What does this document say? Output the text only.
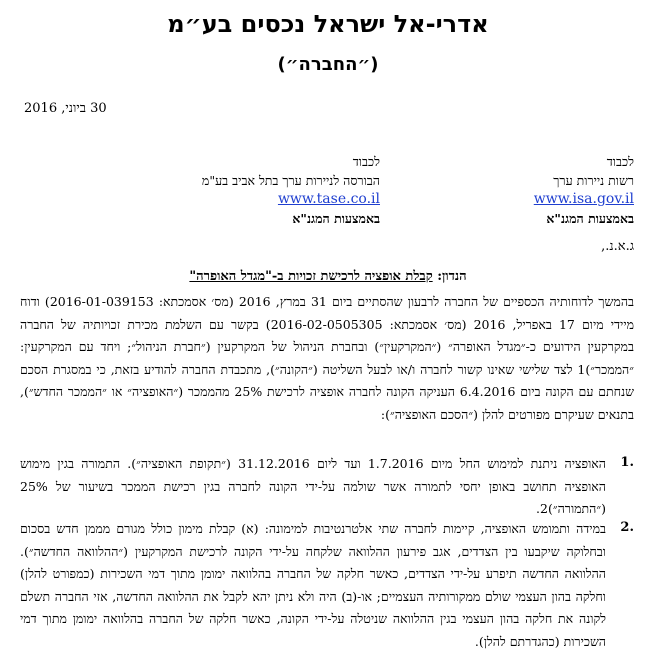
אדרי-אל ישראל נכסים בע״מ
(״החברה״)
30 ביוני, 2016
לכבוד
רשות ניירות ערך
www.isa.gov.il
באמצעות המגנ"א
לכבוד
הבורסה לניירות ערך בתל אביב בע"מ
www.tase.co.il
באמצעות המגנ"א
ג.א.נ.,
הנדון: קבלת אופציה לרכישת זכויות ב-"מגדל האופרה"

בהמשך לדוחותיה הכספיים של החברה לרבעון שהסתיים ביום 31 במרץ, 2016 (מס׳ אסמכתא: 2016-01-039153) ודוח מיידי מיום 17 באפריל, 2016 (מס׳ אסמכתא: 2016-02-0505305) בקשר עם השלמת מכירת זכויותיה של החברה במקרקעין הידועים כ-״מגדל האופרה״ (״המקרקעין״) ובחברת הניהול של המקרקעין (״חברת הניהול״; ויחד עם המקרקעין: ״הממכר״)1 לצד שלישי שאינו קשור לחברה ו/או לבעל השליטה (״הקונה״), מתכבדת החברה להודיע בזאת, כי במסגרת הסכם שנחתם עם הקונה ביום 6.4.2016 העניקה הקונה לחברה אופציה לרכישת 25% מהממכר (״האופציה״ או ״הממכר החדש״), בתנאים שעיקרם מפורטים להלן (״הסכם האופציה״):

1.

האופציה ניתנת למימוש החל מיום 1.7.2016 ועד ליום 31.12.2016 (״תקופת האופציה״). התמורה בגין מימוש האופציה תחושב באופן יחסי לתמורה אשר שולמה על-ידי הקונה לחברה בגין רכישת הממכר בשיעור של 25% (״התמורה״)2.

2.

במידה ותמומש האופציה, קיימות לחברה שתי אלטרנטיבות למימונה: (א) קבלת מימון כולל מגורם מממן חדש בסכום ובחלוקה שיקבעו בין הצדדים, אגב פירעון ההלוואה שלקחה על-ידי הקונה לרכישת המקרקעין (״ההלוואה החדשה״). ההלוואה החדשה תיפרע על-ידי הצדדים, כאשר חלקה של החברה בהלוואה ימומן מתוך דמי השכירות (כמפורט להלן) וחלקה בהון העצמי שולם ממקורותיה העצמיים; או-(ב) היה ולא ניתן יהא לקבל את ההלוואה החדשה, אזי החברה תשלם לקונה את חלקה בהון העצמי בגין ההלוואה שניטלה על-ידי הקונה, כאשר חלקה של החברה בהלוואה ימומן מתוך דמי השכירות (כהגדרתם להלן).
